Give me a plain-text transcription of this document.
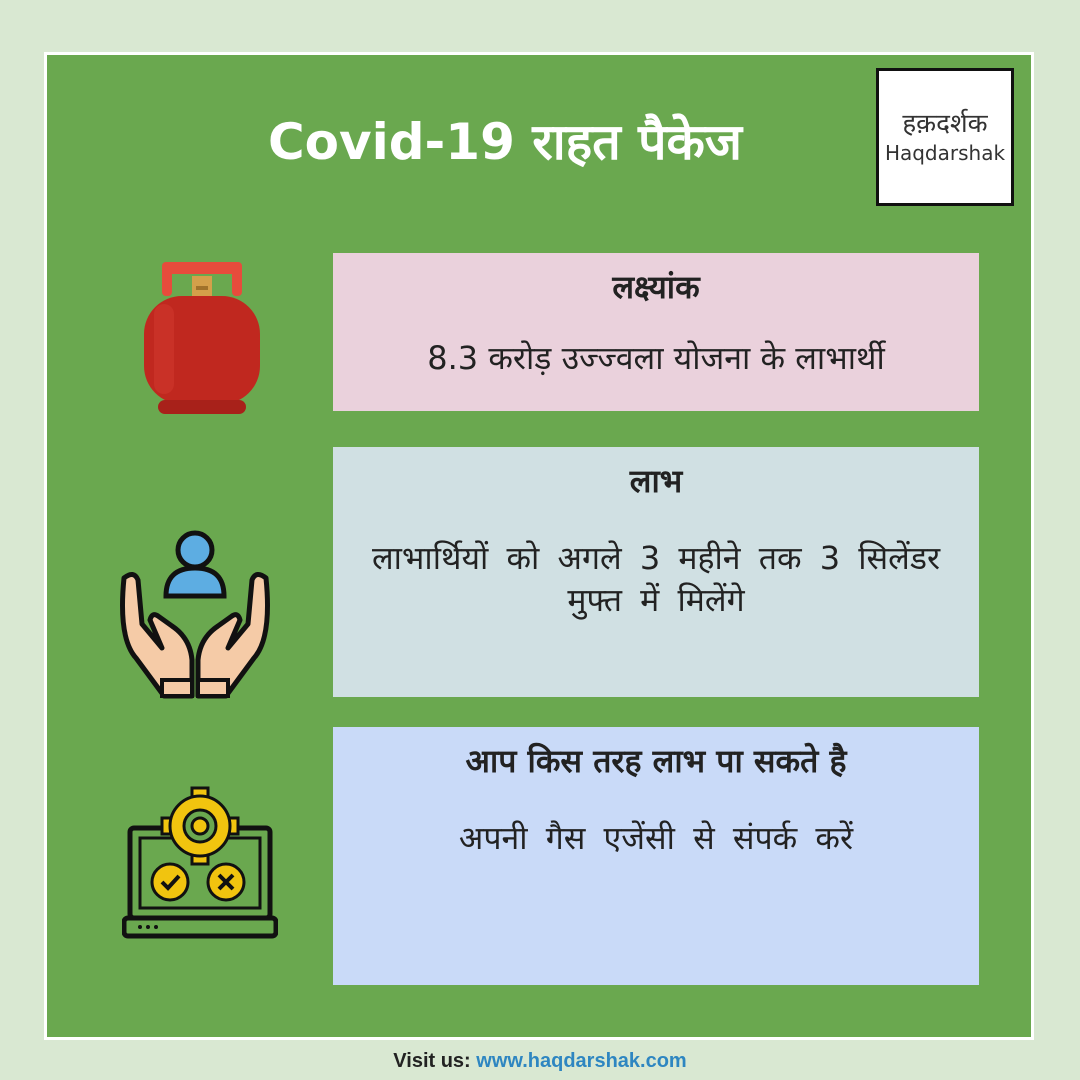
Covid-19 राहत पैकेज	हक़दर्शक
Haqdarshak
लक्ष्यांक
8.3 करोड़ उज्ज्वला योजना के लाभार्थी
लाभ
लाभार्थियों को अगले 3 महीने तक 3 सिलेंडर मुफ्त में मिलेंगे
आप किस तरह लाभ पा सकते है
अपनी गैस एजेंसी से संपर्क करें
Visit us: www.haqdarshak.com
